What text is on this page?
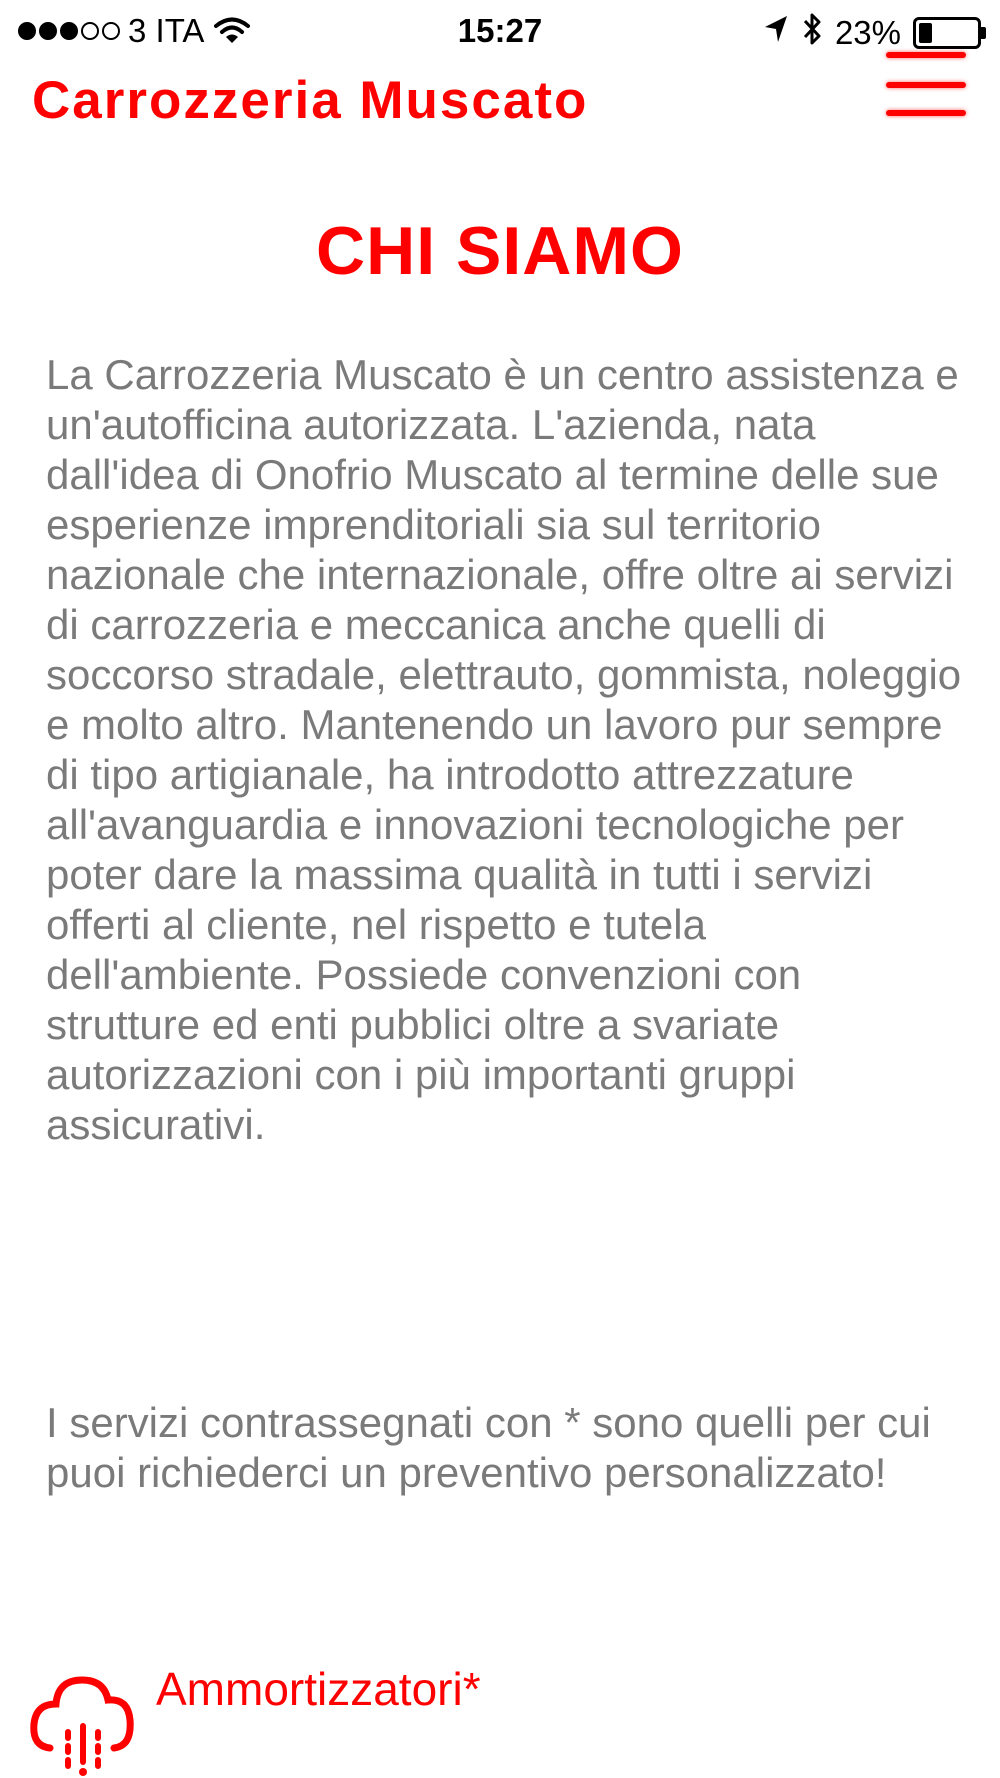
3 ITA	15:27	23%
Carrozzeria Muscato
CHI SIAMO

La Carrozzeria Muscato è un centro assistenza e un'autofficina autorizzata. L'azienda, nata dall'idea di Onofrio Muscato al termine delle sue esperienze imprenditoriali sia sul territorio nazionale che internazionale, offre oltre ai servizi di carrozzeria e meccanica anche quelli di soccorso stradale, elettrauto, gommista, noleggio e molto altro. Mantenendo un lavoro pur sempre di tipo artigianale, ha introdotto attrezzature all'avanguardia e innovazioni tecnologiche per poter dare la massima qualità in tutti i servizi offerti al cliente, nel rispetto e tutela dell'ambiente. Possiede convenzioni con strutture ed enti pubblici oltre a svariate autorizzazioni con i più importanti gruppi assicurativi.

I servizi contrassegnati con * sono quelli per cui puoi richiederci un preventivo personalizzato!

Ammortizzatori*
